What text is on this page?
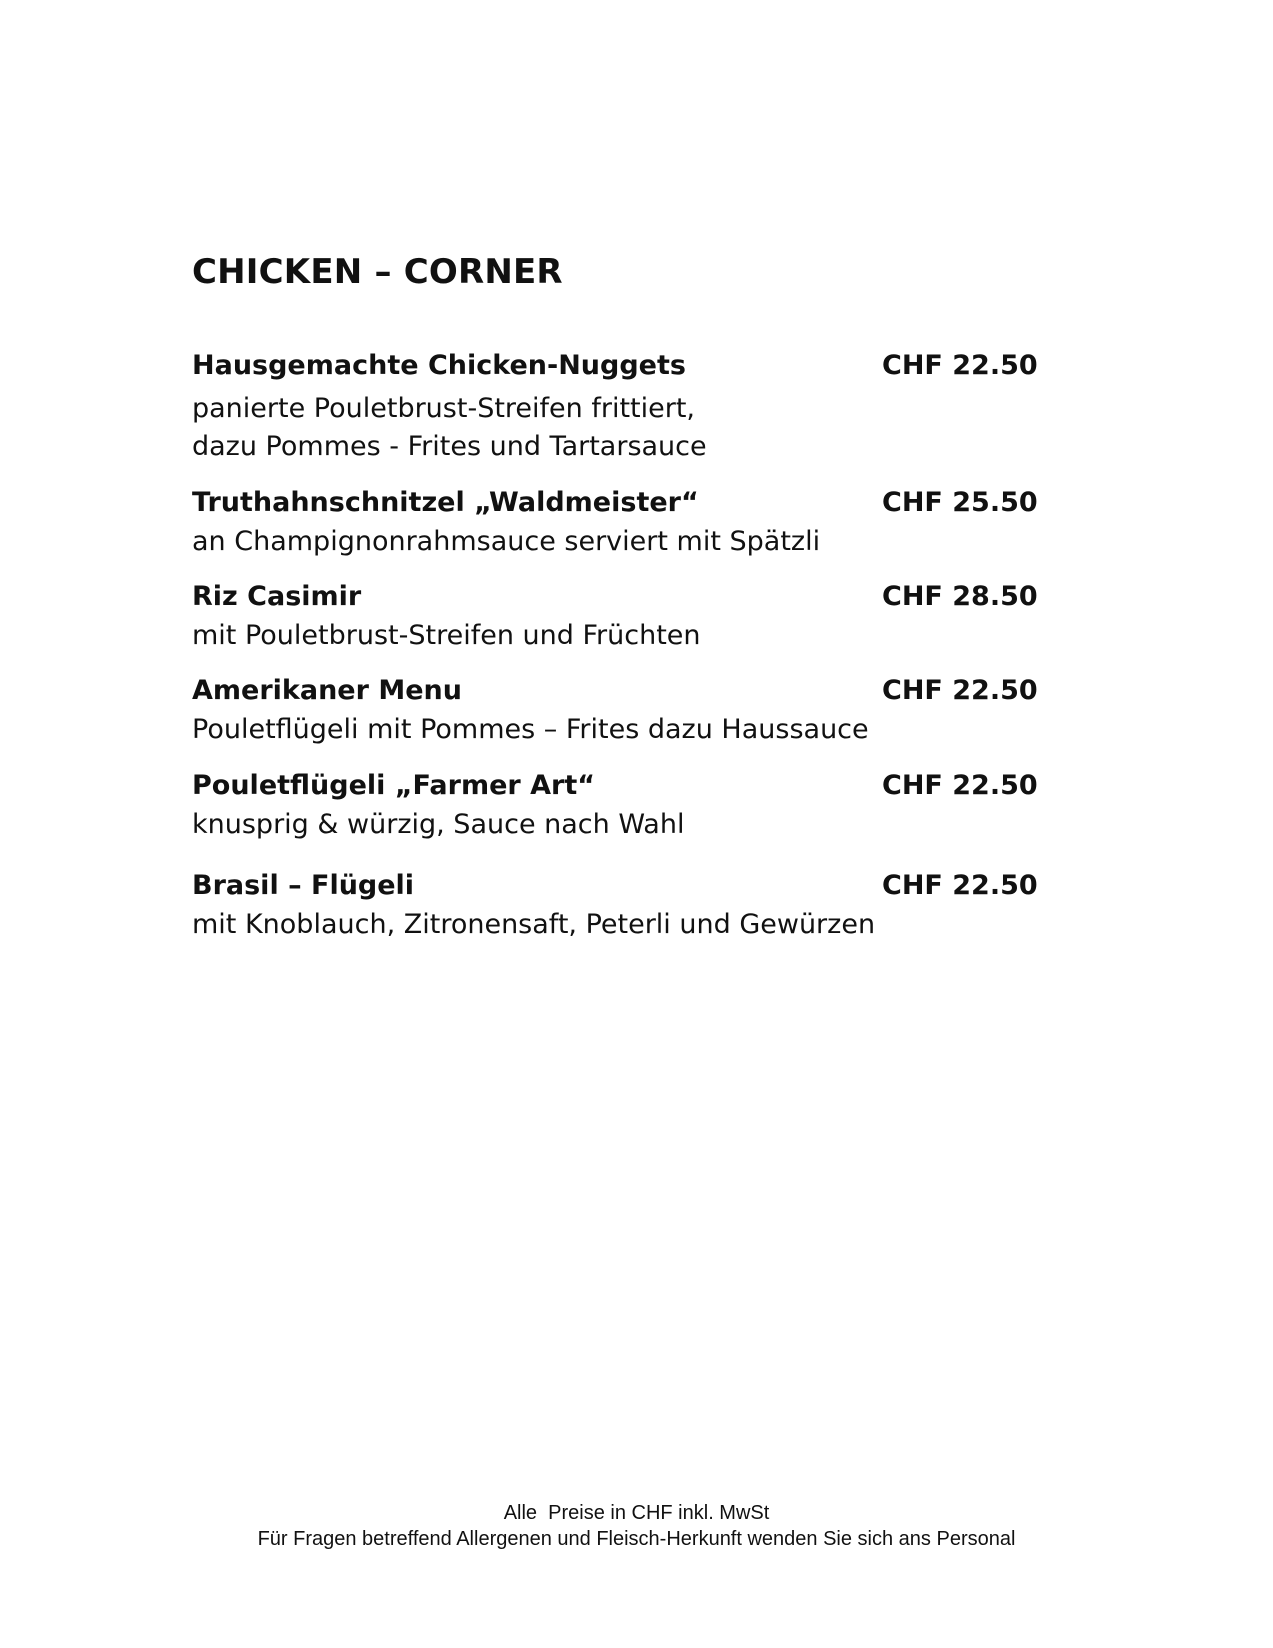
CHICKEN – CORNER
Hausgemachte Chicken-Nuggets	CHF 22.50
panierte Pouletbrust-Streifen frittiert,
dazu Pommes - Frites und Tartarsauce
Truthahnschnitzel „Waldmeister“	CHF 25.50
an Champignonrahmsauce serviert mit Spätzli
Riz Casimir	CHF 28.50
mit Pouletbrust-Streifen und Früchten
Amerikaner Menu	CHF 22.50
Pouletflügeli mit Pommes – Frites dazu Haussauce
Pouletflügeli „Farmer Art“	CHF 22.50
knusprig & würzig, Sauce nach Wahl
Brasil – Flügeli	CHF 22.50
mit Knoblauch, Zitronensaft, Peterli und Gewürzen
Alle  Preise in CHF inkl. MwSt
Für Fragen betreffend Allergenen und Fleisch-Herkunft wenden Sie sich ans Personal
